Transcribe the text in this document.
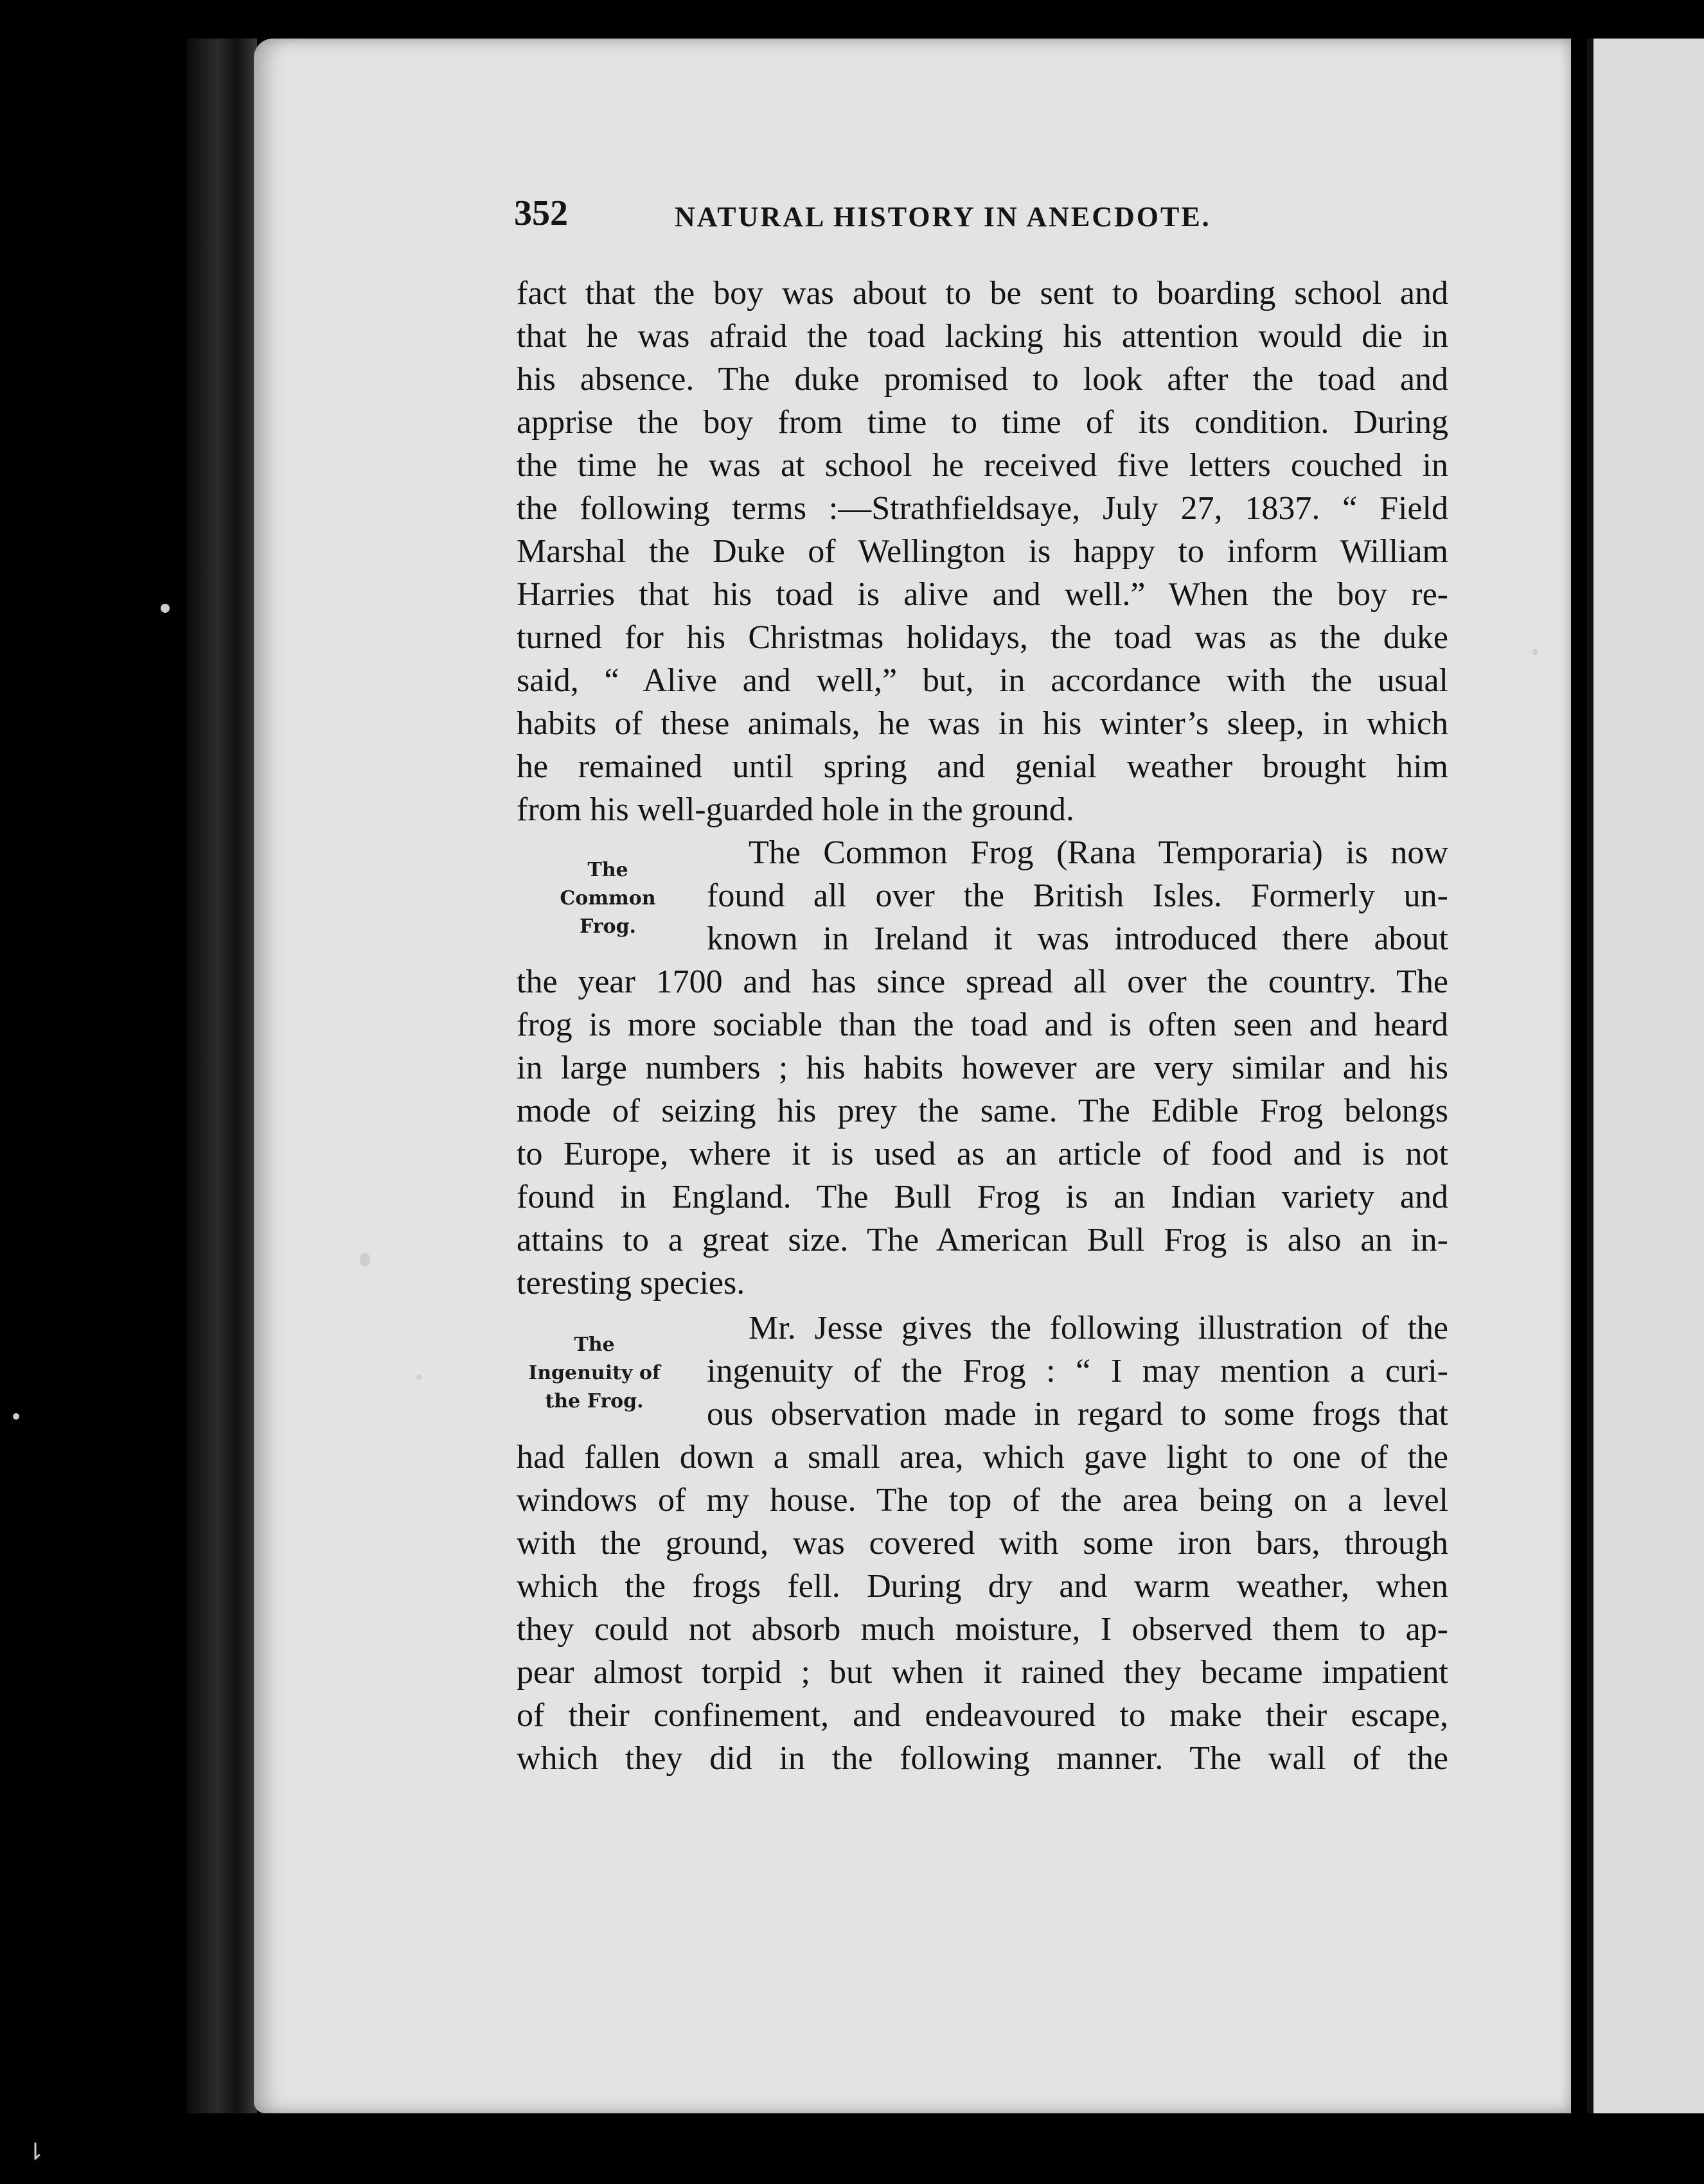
⇂
352	NATURAL HISTORY IN ANECDOTE.
fact that the boy was about to be sent to boarding school and
that he was afraid the toad lacking his attention would die in
his absence. The duke promised to look after the toad and
apprise the boy from time to time of its condition. During
the time he was at school he received five letters couched in
the following terms :—Strathfieldsaye, July 27, 1837. “ Field
Marshal the Duke of Wellington is happy to inform William
Harries that his toad is alive and well.” When the boy re-
turned for his Christmas holidays, the toad was as the duke
said, “ Alive and well,” but, in accordance with the usual
habits of these animals, he was in his winter’s sleep, in which
he remained until spring and genial weather brought him
from his well-guarded hole in the ground.
The
Common
Frog.
The Common Frog (Rana Temporaria) is now
found all over the British Isles. Formerly un-
known in Ireland it was introduced there about
the year 1700 and has since spread all over the country. The
frog is more sociable than the toad and is often seen and heard
in large numbers ; his habits however are very similar and his
mode of seizing his prey the same. The Edible Frog belongs
to Europe, where it is used as an article of food and is not
found in England. The Bull Frog is an Indian variety and
attains to a great size. The American Bull Frog is also an in-
teresting species.
The
Ingenuity of
the Frog.
Mr. Jesse gives the following illustration of the
ingenuity of the Frog : “ I may mention a curi-
ous observation made in regard to some frogs that
had fallen down a small area, which gave light to one of the
windows of my house. The top of the area being on a level
with the ground, was covered with some iron bars, through
which the frogs fell. During dry and warm weather, when
they could not absorb much moisture, I observed them to ap-
pear almost torpid ; but when it rained they became impatient
of their confinement, and endeavoured to make their escape,
which they did in the following manner. The wall of the
